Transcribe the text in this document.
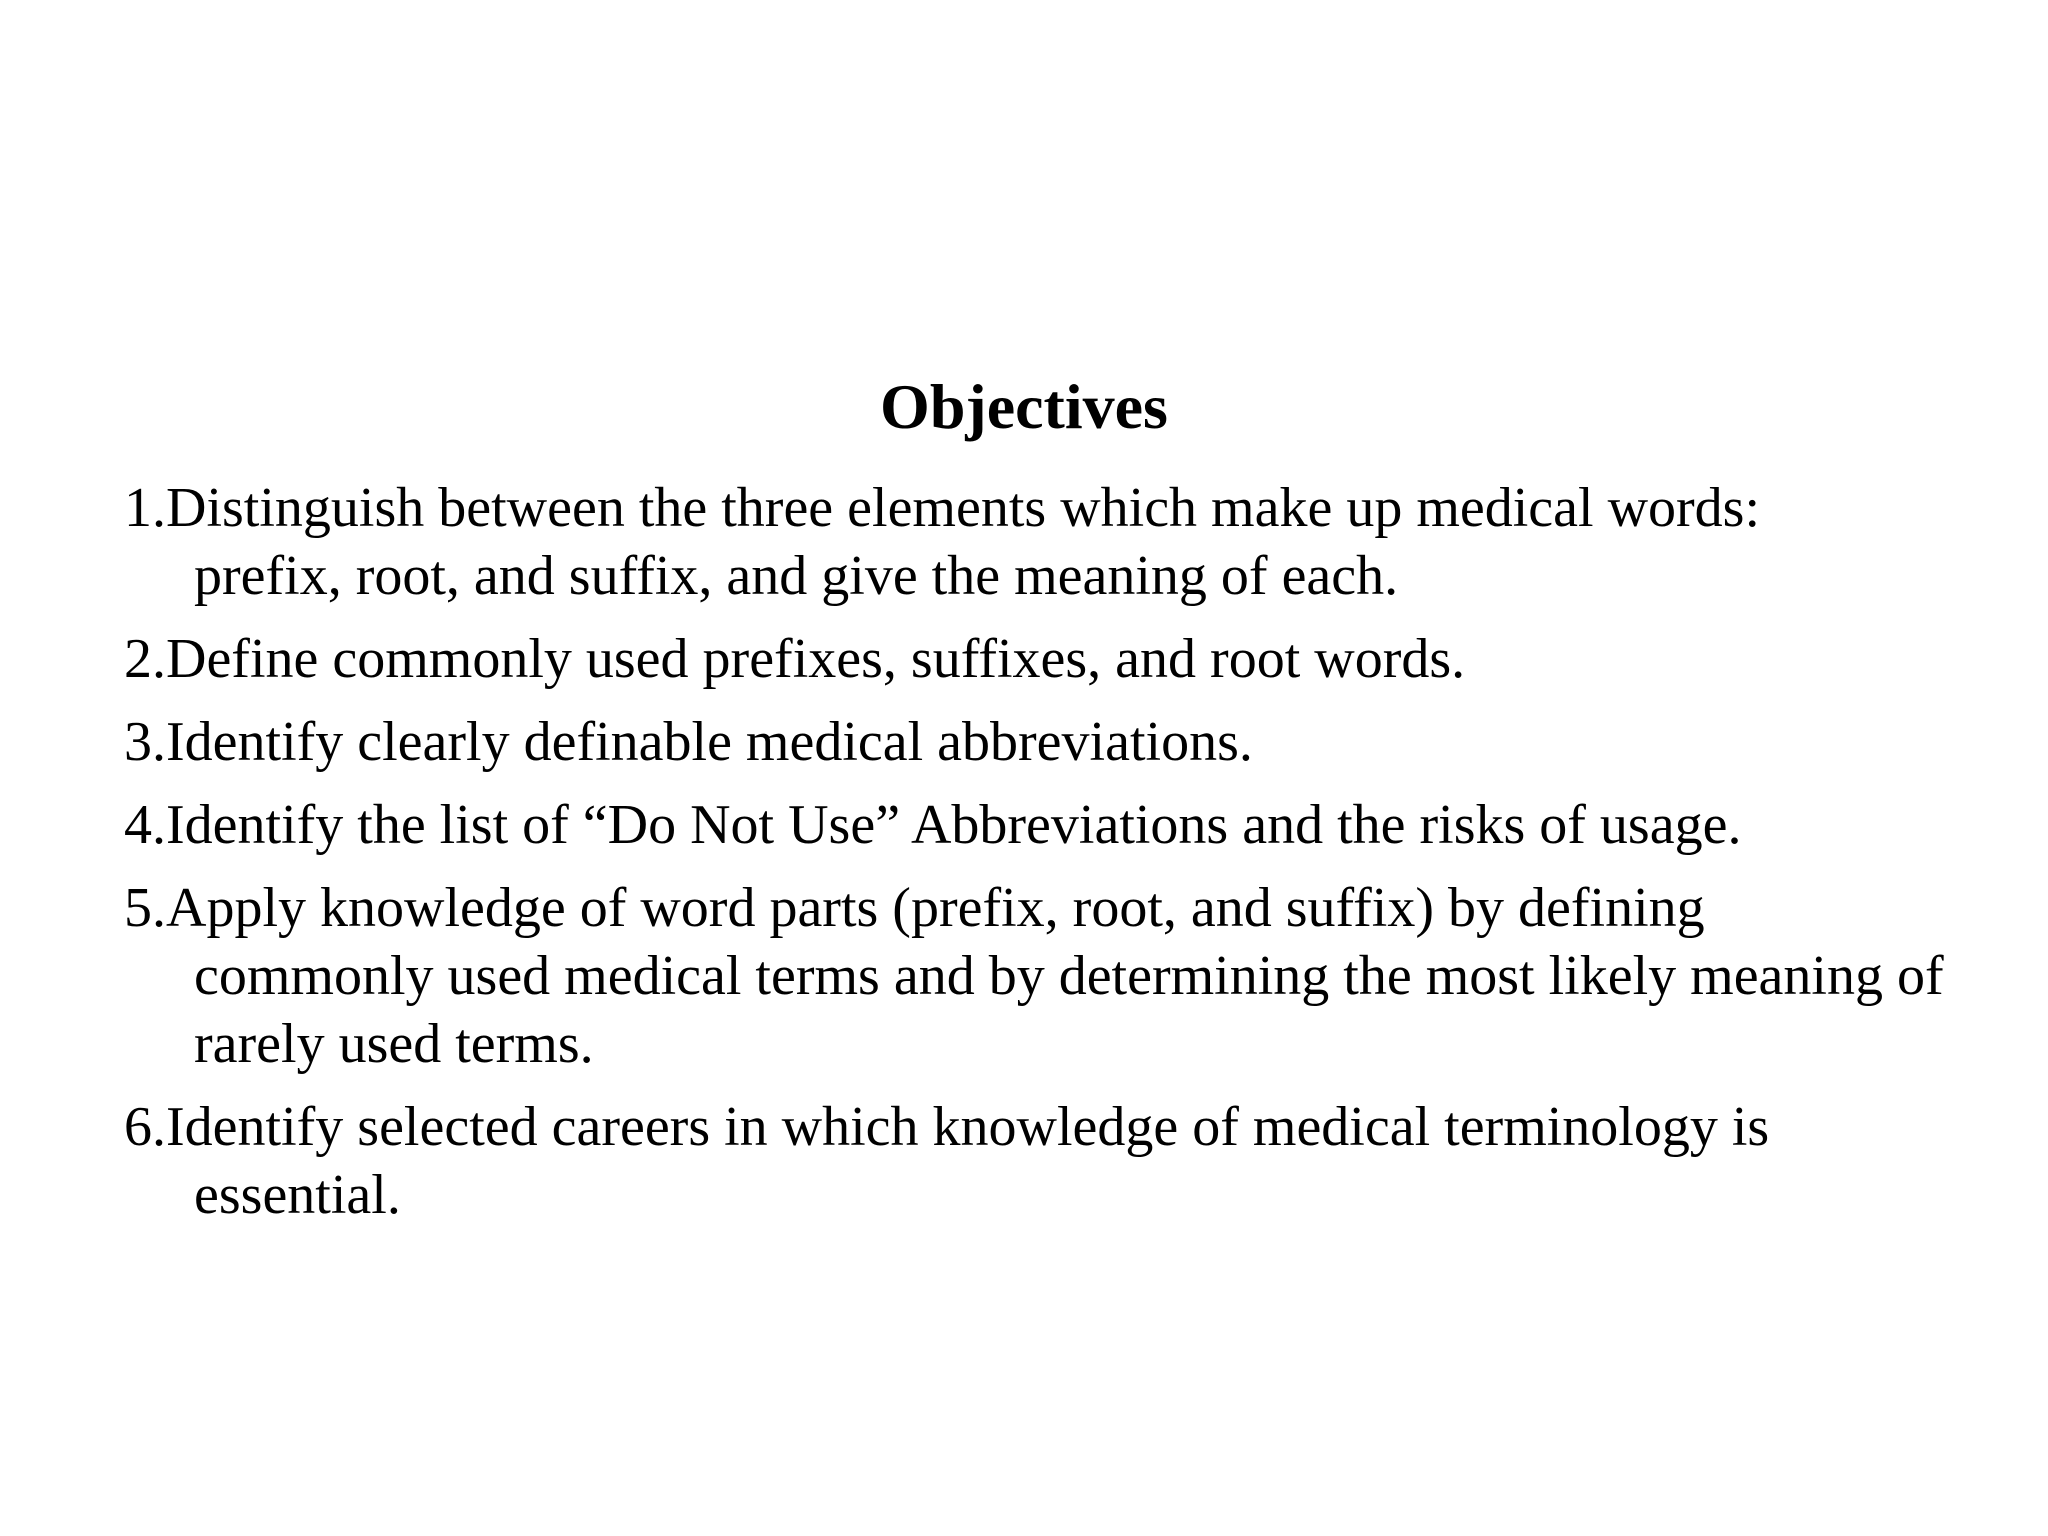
Objectives
1. Distinguish between the three elements which make up medical words:
prefix, root, and suffix, and give the meaning of each.
2. Define commonly used prefixes, suffixes, and root words.
3. Identify clearly definable medical abbreviations.
4. Identify the list of “Do Not Use” Abbreviations and the risks of usage.
5. Apply knowledge of word parts (prefix, root, and suffix) by defining
commonly used medical terms and by determining the most likely meaning of rarely used terms.
6. Identify selected careers in which knowledge of medical terminology is
essential.
